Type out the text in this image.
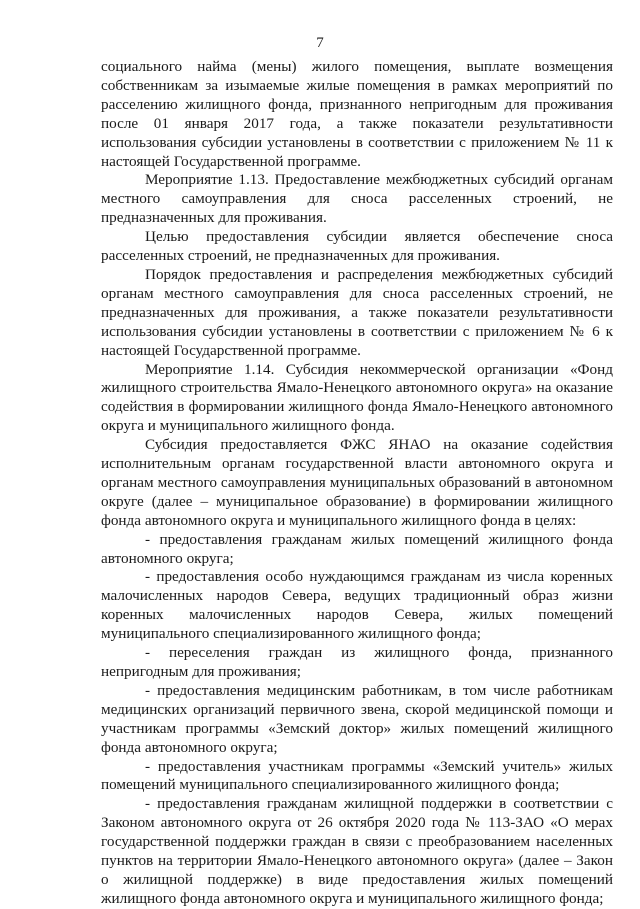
7

социального найма (мены) жилого помещения, выплате возмещения собственникам за изымаемые жилые помещения в рамках мероприятий по расселению жилищного фонда, признанного непригодным для проживания после 01 января 2017 года, а также показатели результативности использования субсидии установлены в соответствии с приложением № 11 к настоящей Государственной программе.

Мероприятие 1.13. Предоставление межбюджетных субсидий органам местного самоуправления для сноса расселенных строений, не предназначенных для проживания.

Целью предоставления субсидии является обеспечение сноса расселенных строений, не предназначенных для проживания.

Порядок предоставления и распределения межбюджетных субсидий органам местного самоуправления для сноса расселенных строений, не предназначенных для проживания, а также показатели результативности использования субсидии установлены в соответствии с приложением № 6 к настоящей Государственной программе.

Мероприятие 1.14. Субсидия некоммерческой организации «Фонд жилищного строительства Ямало-Ненецкого автономного округа» на оказание содействия в формировании жилищного фонда Ямало-Ненецкого автономного округа и муниципального жилищного фонда.

Субсидия предоставляется ФЖС ЯНАО на оказание содействия исполнительным органам государственной власти автономного округа и органам местного самоуправления муниципальных образований в автономном округе (далее – муниципальное образование) в формировании жилищного фонда автономного округа и муниципального жилищного фонда в целях:

- предоставления гражданам жилых помещений жилищного фонда автономного округа;

- предоставления особо нуждающимся гражданам из числа коренных малочисленных народов Севера, ведущих традиционный образ жизни коренных малочисленных народов Севера, жилых помещений муниципального специализированного жилищного фонда;

- переселения граждан из жилищного фонда, признанного непригодным для проживания;

- предоставления медицинским работникам, в том числе работникам медицинских организаций первичного звена, скорой медицинской помощи и участникам программы «Земский доктор» жилых помещений жилищного фонда автономного округа;

- предоставления участникам программы «Земский учитель» жилых помещений муниципального специализированного жилищного фонда;

- предоставления гражданам жилищной поддержки в соответствии с Законом автономного округа от 26 октября 2020 года № 113-ЗАО «О мерах государственной поддержки граждан в связи с преобразованием населенных пунктов на территории Ямало-Ненецкого автономного округа» (далее – Закон о жилищной поддержке) в виде предоставления жилых помещений жилищного фонда автономного округа и муниципального жилищного фонда;
